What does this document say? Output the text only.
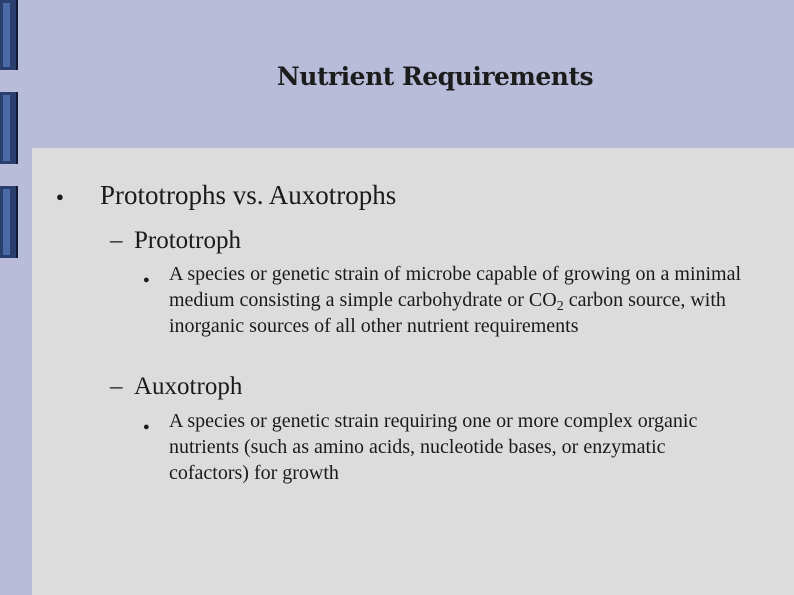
Nutrient Requirements
● Prototrophs vs. Auxotrophs
– Prototroph
● A species or genetic strain of microbe capable of growing on a minimal medium consisting a simple carbohydrate or $CO_2$ carbon source, with inorganic sources of all other nutrient requirements
– Auxotroph
● A species or genetic strain requiring one or more complex organic nutrients (such as amino acids, nucleotide bases, or enzymatic cofactors) for growth
